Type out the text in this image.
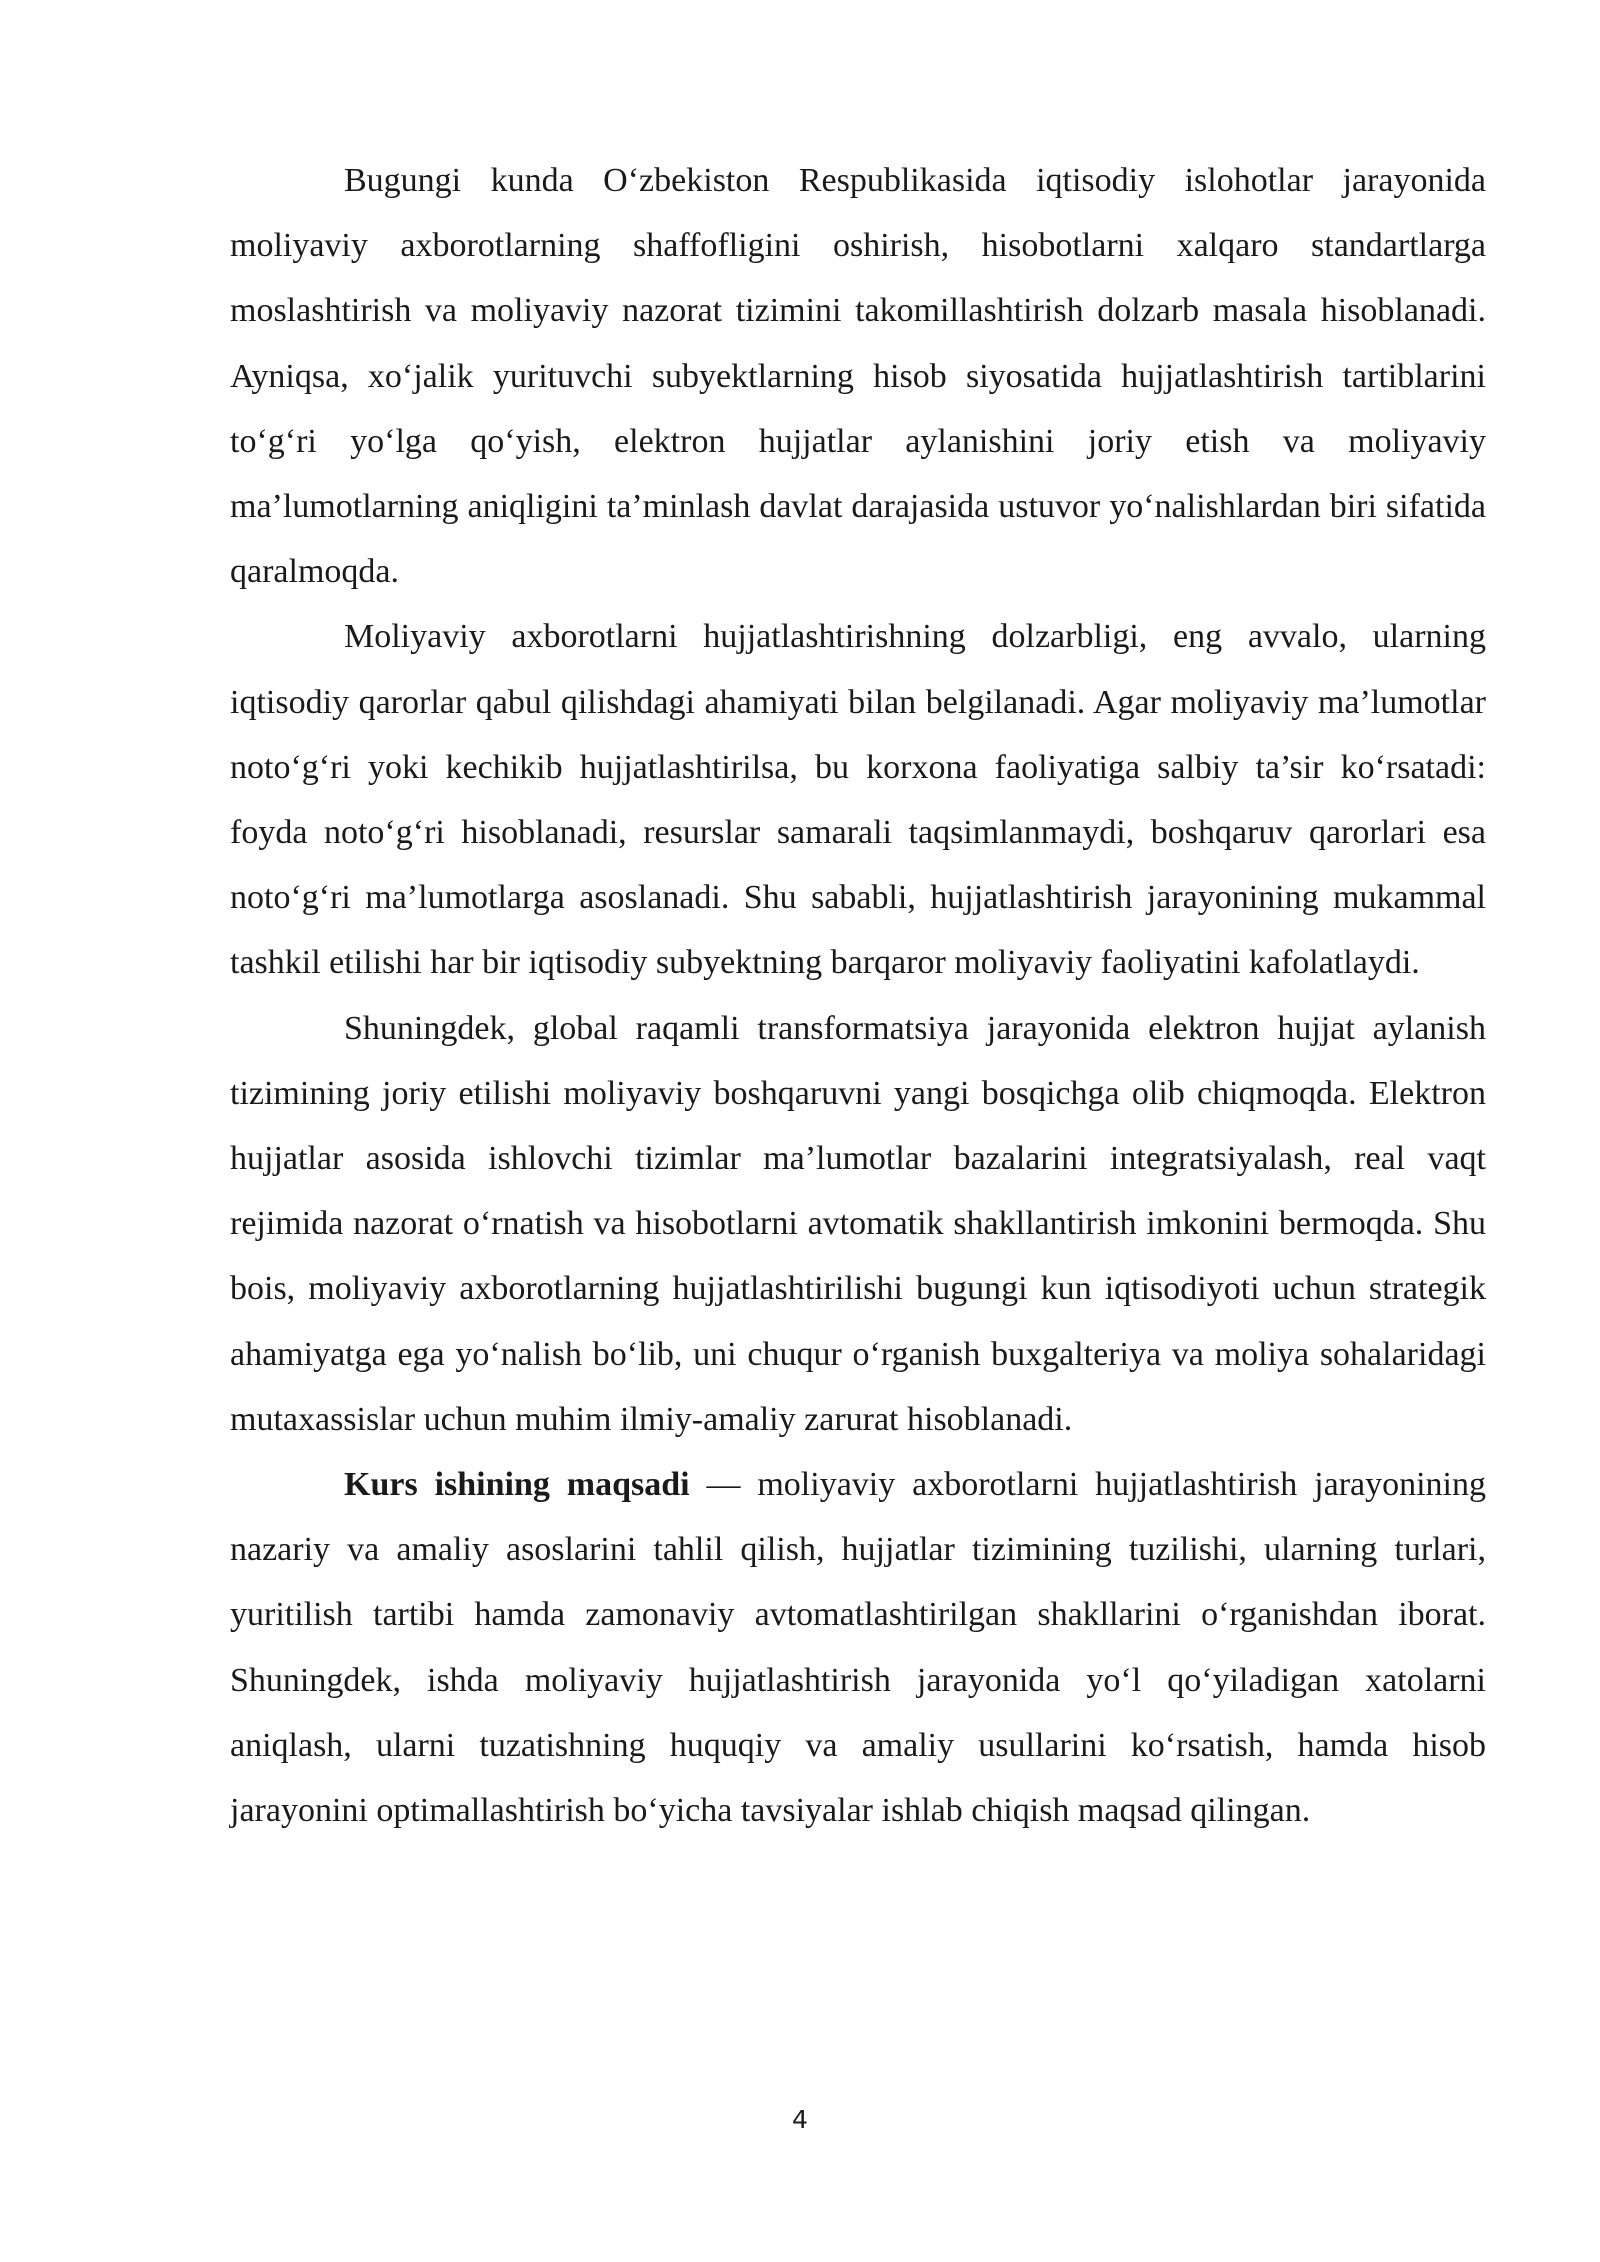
Bugungi kunda O‘zbekiston Respublikasida iqtisodiy islohotlar jarayonida moliyaviy axborotlarning shaffofligini oshirish, hisobotlarni xalqaro standartlarga moslashtirish va moliyaviy nazorat tizimini takomillashtirish dolzarb masala hisoblanadi. Ayniqsa, xo‘jalik yurituvchi subyektlarning hisob siyosatida hujjatlashtirish tartiblarini to‘g‘ri yo‘lga qo‘yish, elektron hujjatlar aylanishini joriy etish va moliyaviy ma’lumotlarning aniqligini ta’minlash davlat darajasida ustuvor yo‘nalishlardan biri sifatida qaralmoqda.

Moliyaviy axborotlarni hujjatlashtirishning dolzarbligi, eng avvalo, ularning iqtisodiy qarorlar qabul qilishdagi ahamiyati bilan belgilanadi. Agar moliyaviy ma’lumotlar noto‘g‘ri yoki kechikib hujjatlashtirilsa, bu korxona faoliyatiga salbiy ta’sir ko‘rsatadi: foyda noto‘g‘ri hisoblanadi, resurslar samarali taqsimlanmaydi, boshqaruv qarorlari esa noto‘g‘ri ma’lumotlarga asoslanadi. Shu sababli, hujjatlashtirish jarayonining mukammal tashkil etilishi har bir iqtisodiy subyektning barqaror moliyaviy faoliyatini kafolatlaydi.

Shuningdek, global raqamli transformatsiya jarayonida elektron hujjat aylanish tizimining joriy etilishi moliyaviy boshqaruvni yangi bosqichga olib chiqmoqda. Elektron hujjatlar asosida ishlovchi tizimlar ma’lumotlar bazalarini integratsiyalash, real vaqt rejimida nazorat o‘rnatish va hisobotlarni avtomatik shakllantirish imkonini bermoqda. Shu bois, moliyaviy axborotlarning hujjatlashtirilishi bugungi kun iqtisodiyoti uchun strategik ahamiyatga ega yo‘nalish bo‘lib, uni chuqur o‘rganish buxgalteriya va moliya sohalaridagi mutaxassislar uchun muhim ilmiy-amaliy zarurat hisoblanadi.

Kurs ishining maqsadi — moliyaviy axborotlarni hujjatlashtirish jarayonining nazariy va amaliy asoslarini tahlil qilish, hujjatlar tizimining tuzilishi, ularning turlari, yuritilish tartibi hamda zamonaviy avtomatlashtirilgan shakllarini o‘rganishdan iborat. Shuningdek, ishda moliyaviy hujjatlashtirish jarayonida yo‘l qo‘yiladigan xatolarni aniqlash, ularni tuzatishning huquqiy va amaliy usullarini ko‘rsatish, hamda hisob jarayonini optimallashtirish bo‘yicha tavsiyalar ishlab chiqish maqsad qilingan.

4
